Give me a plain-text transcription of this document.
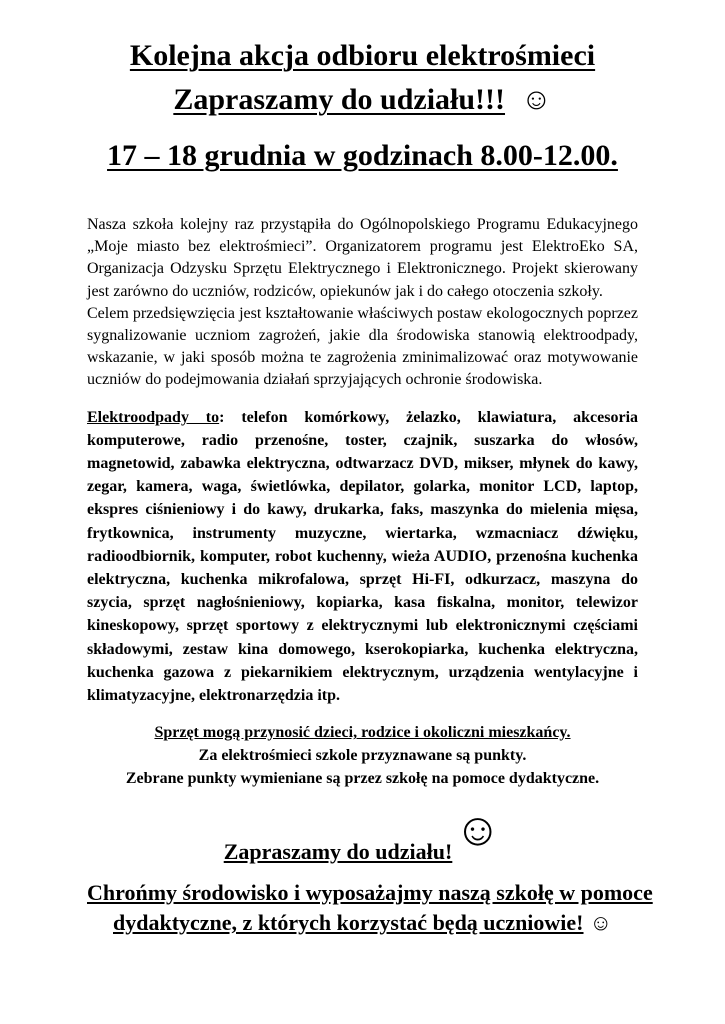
Kolejna akcja odbioru elektrośmieci
Zapraszamy do udziału!!! ☺
17 – 18 grudnia w godzinach 8.00-12.00.

Nasza szkoła kolejny raz przystąpiła do Ogólnopolskiego Programu Edukacyjnego „Moje miasto bez elektrośmieci”. Organizatorem programu jest ElektroEko SA, Organizacja Odzysku Sprzętu Elektrycznego i Elektronicznego. Projekt skierowany jest zarówno do uczniów, rodziców, opiekunów jak i do całego otoczenia szkoły.

Celem przedsięwzięcia jest kształtowanie właściwych postaw ekologocznych poprzez sygnalizowanie uczniom zagrożeń, jakie dla środowiska stanowią elektroodpady, wskazanie, w jaki sposób można te zagrożenia zminimalizować oraz motywowanie uczniów do podejmowania działań sprzyjających ochronie środowiska.

Elektroodpady to: telefon komórkowy, żelazko, klawiatura, akcesoria komputerowe, radio przenośne, toster, czajnik, suszarka do włosów, magnetowid, zabawka elektryczna, odtwarzacz DVD, mikser, młynek do kawy, zegar, kamera, waga, świetlówka, depilator, golarka, monitor LCD, laptop, ekspres ciśnieniowy i do kawy, drukarka, faks, maszynka do mielenia mięsa, frytkownica, instrumenty muzyczne, wiertarka, wzmacniacz dźwięku, radioodbiornik, komputer, robot kuchenny, wieża AUDIO, przenośna kuchenka elektryczna, kuchenka mikrofalowa, sprzęt Hi-FI, odkurzacz, maszyna do szycia, sprzęt nagłośnieniowy, kopiarka, kasa fiskalna, monitor, telewizor kineskopowy, sprzęt sportowy z elektrycznymi lub elektronicznymi częściami składowymi, zestaw kina domowego, kserokopiarka, kuchenka elektryczna, kuchenka gazowa z piekarnikiem elektrycznym, urządzenia wentylacyjne i klimatyzacyjne, elektronarzędzia itp.
Sprzęt mogą przynosić dzieci, rodzice i okoliczni mieszkańcy.
Za elektrośmieci szkole przyznawane są punkty.
Zebrane punkty wymieniane są przez szkołę na pomoce dydaktyczne.
Zapraszamy do udziału!☺
Chrońmy środowisko i wyposażajmy naszą szkołę w pomoce
dydaktyczne, z których korzystać będą uczniowie! ☺
